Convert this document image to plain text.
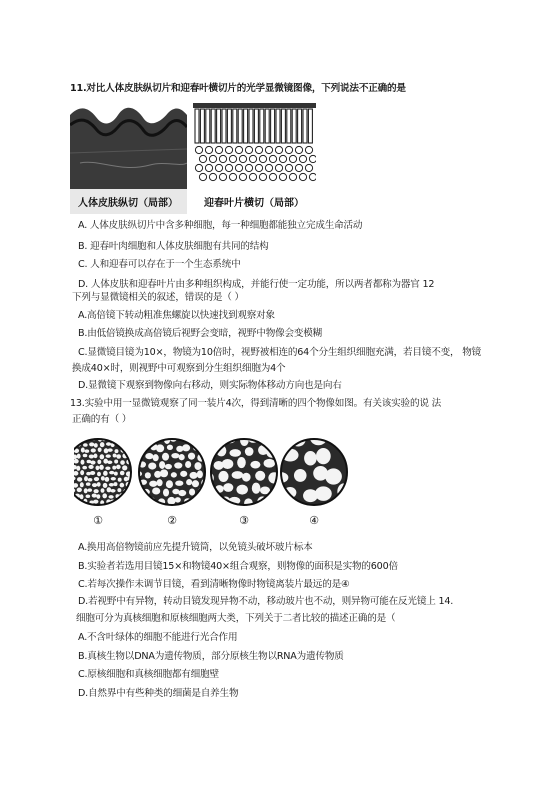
11.对比人体皮肤纵切片和迎春叶横切片的光学显微镜图像，下列说法不正确的是
人体皮肤纵切（局部）	迎春叶片横切（局部）
A. 人体皮肤纵切片中含多种细胞，每一种细胞都能独立完成生命活动
B. 迎春叶肉细胞和人体皮肤细胞有共同的结构
C. 人和迎春可以存在于一个生态系统中
D. 人体皮肤和迎春叶片由多种组织构成，并能行使一定功能，所以两者都称为器官 12
下列与显微镜相关的叙述，错误的是（ ）
A.高倍镜下转动粗准焦螺旋以快速找到观察对象
B.由低倍镜换成高倍镜后视野会变暗，视野中物像会变模糊
C.显微镜目镜为10×，物镜为10倍时，视野被相连的64个分生组织细胞充满，若目镜不变， 物镜
换成40×时，则视野中可观察到分生组织细胞为4个
D.显微镜下观察到物像向右移动，则实际物体移动方向也是向右
13.实验中用一显微镜观察了同一装片4次，得到清晰的四个物像如图。有关该实验的说 法
正确的有（ ）
①	②	③	④
A.换用高倍物镜前应先提升镜筒，以免镜头破坏玻片标本
B.实验者若选用目镜15×和物镜40×组合观察，则物像的面积是实物的600倍
C.若每次操作未调节目镜，看到清晰物像时物镜离装片最远的是④
D.若视野中有异物，转动目镜发现异物不动，移动玻片也不动，则异物可能在反光镜上 14.
细胞可分为真核细胞和原核细胞两大类，下列关于二者比较的描述正确的是（
A.不含叶绿体的细胞不能进行光合作用
B.真核生物以DNA为遗传物质，部分原核生物以RNA为遗传物质
C.原核细胞和真核细胞都有细胞壁
D.自然界中有些种类的细菌是自养生物
